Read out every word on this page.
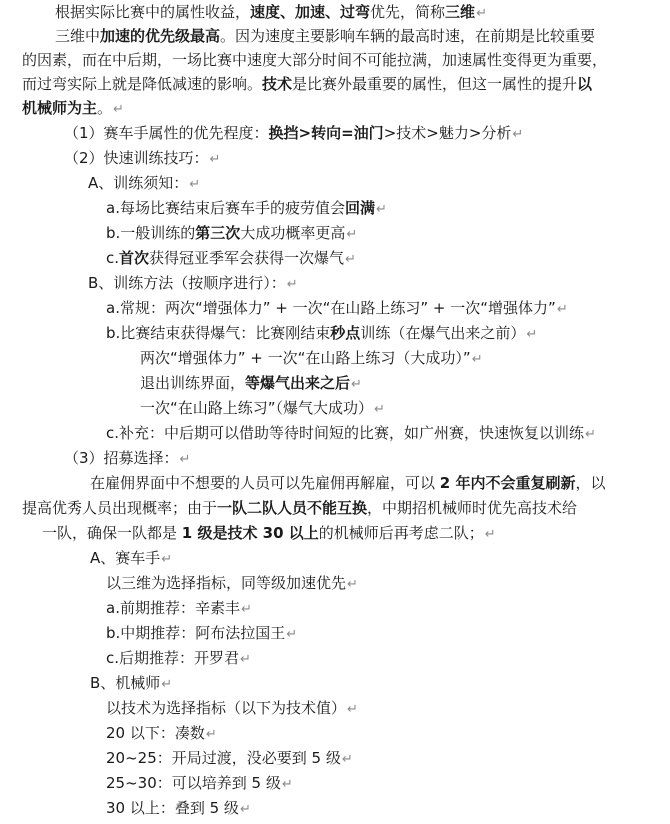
根据实际比赛中的属性收益，速度、加速、过弯优先，简称三维↵
三维中加速的优先级最高。因为速度主要影响车辆的最高时速，在前期是比较重要
的因素，而在中后期，一场比赛中速度大部分时间不可能拉满，加速属性变得更为重要，
而过弯实际上就是降低减速的影响。技术是比赛外最重要的属性，但这一属性的提升以
机械师为主。↵
（1）赛车手属性的优先程度：换挡>转向=油门>技术>魅力>分析↵
（2）快速训练技巧：↵
A、训练须知：↵
a.每场比赛结束后赛车手的疲劳值会回满↵
b.一般训练的第三次大成功概率更高↵
c.首次获得冠亚季军会获得一次爆气↵
B、训练方法（按顺序进行）：↵
a.常规：两次“增强体力” + 一次“在山路上练习” + 一次“增强体力”↵
b.比赛结束获得爆气：比赛刚结束秒点训练（在爆气出来之前）↵
两次“增强体力” + 一次“在山路上练习（大成功）”↵
退出训练界面，等爆气出来之后↵
一次“在山路上练习”（爆气大成功）↵
c.补充：中后期可以借助等待时间短的比赛，如广州赛，快速恢复以训练↵
（3）招募选择：↵
在雇佣界面中不想要的人员可以先雇佣再解雇，可以 2 年内不会重复刷新，以
提高优秀人员出现概率；由于一队二队人员不能互换，中期招机械师时优先高技术给
一队，确保一队都是 1 级是技术 30 以上的机械师后再考虑二队；↵
A、赛车手↵
以三维为选择指标，同等级加速优先↵
a.前期推荐：辛素丰↵
b.中期推荐：阿布法拉国王↵
c.后期推荐：开罗君↵
B、机械师↵
以技术为选择指标（以下为技术值）↵
20 以下：凑数↵
20~25：开局过渡，没必要到 5 级↵
25~30：可以培养到 5 级↵
30 以上：叠到 5 级↵
